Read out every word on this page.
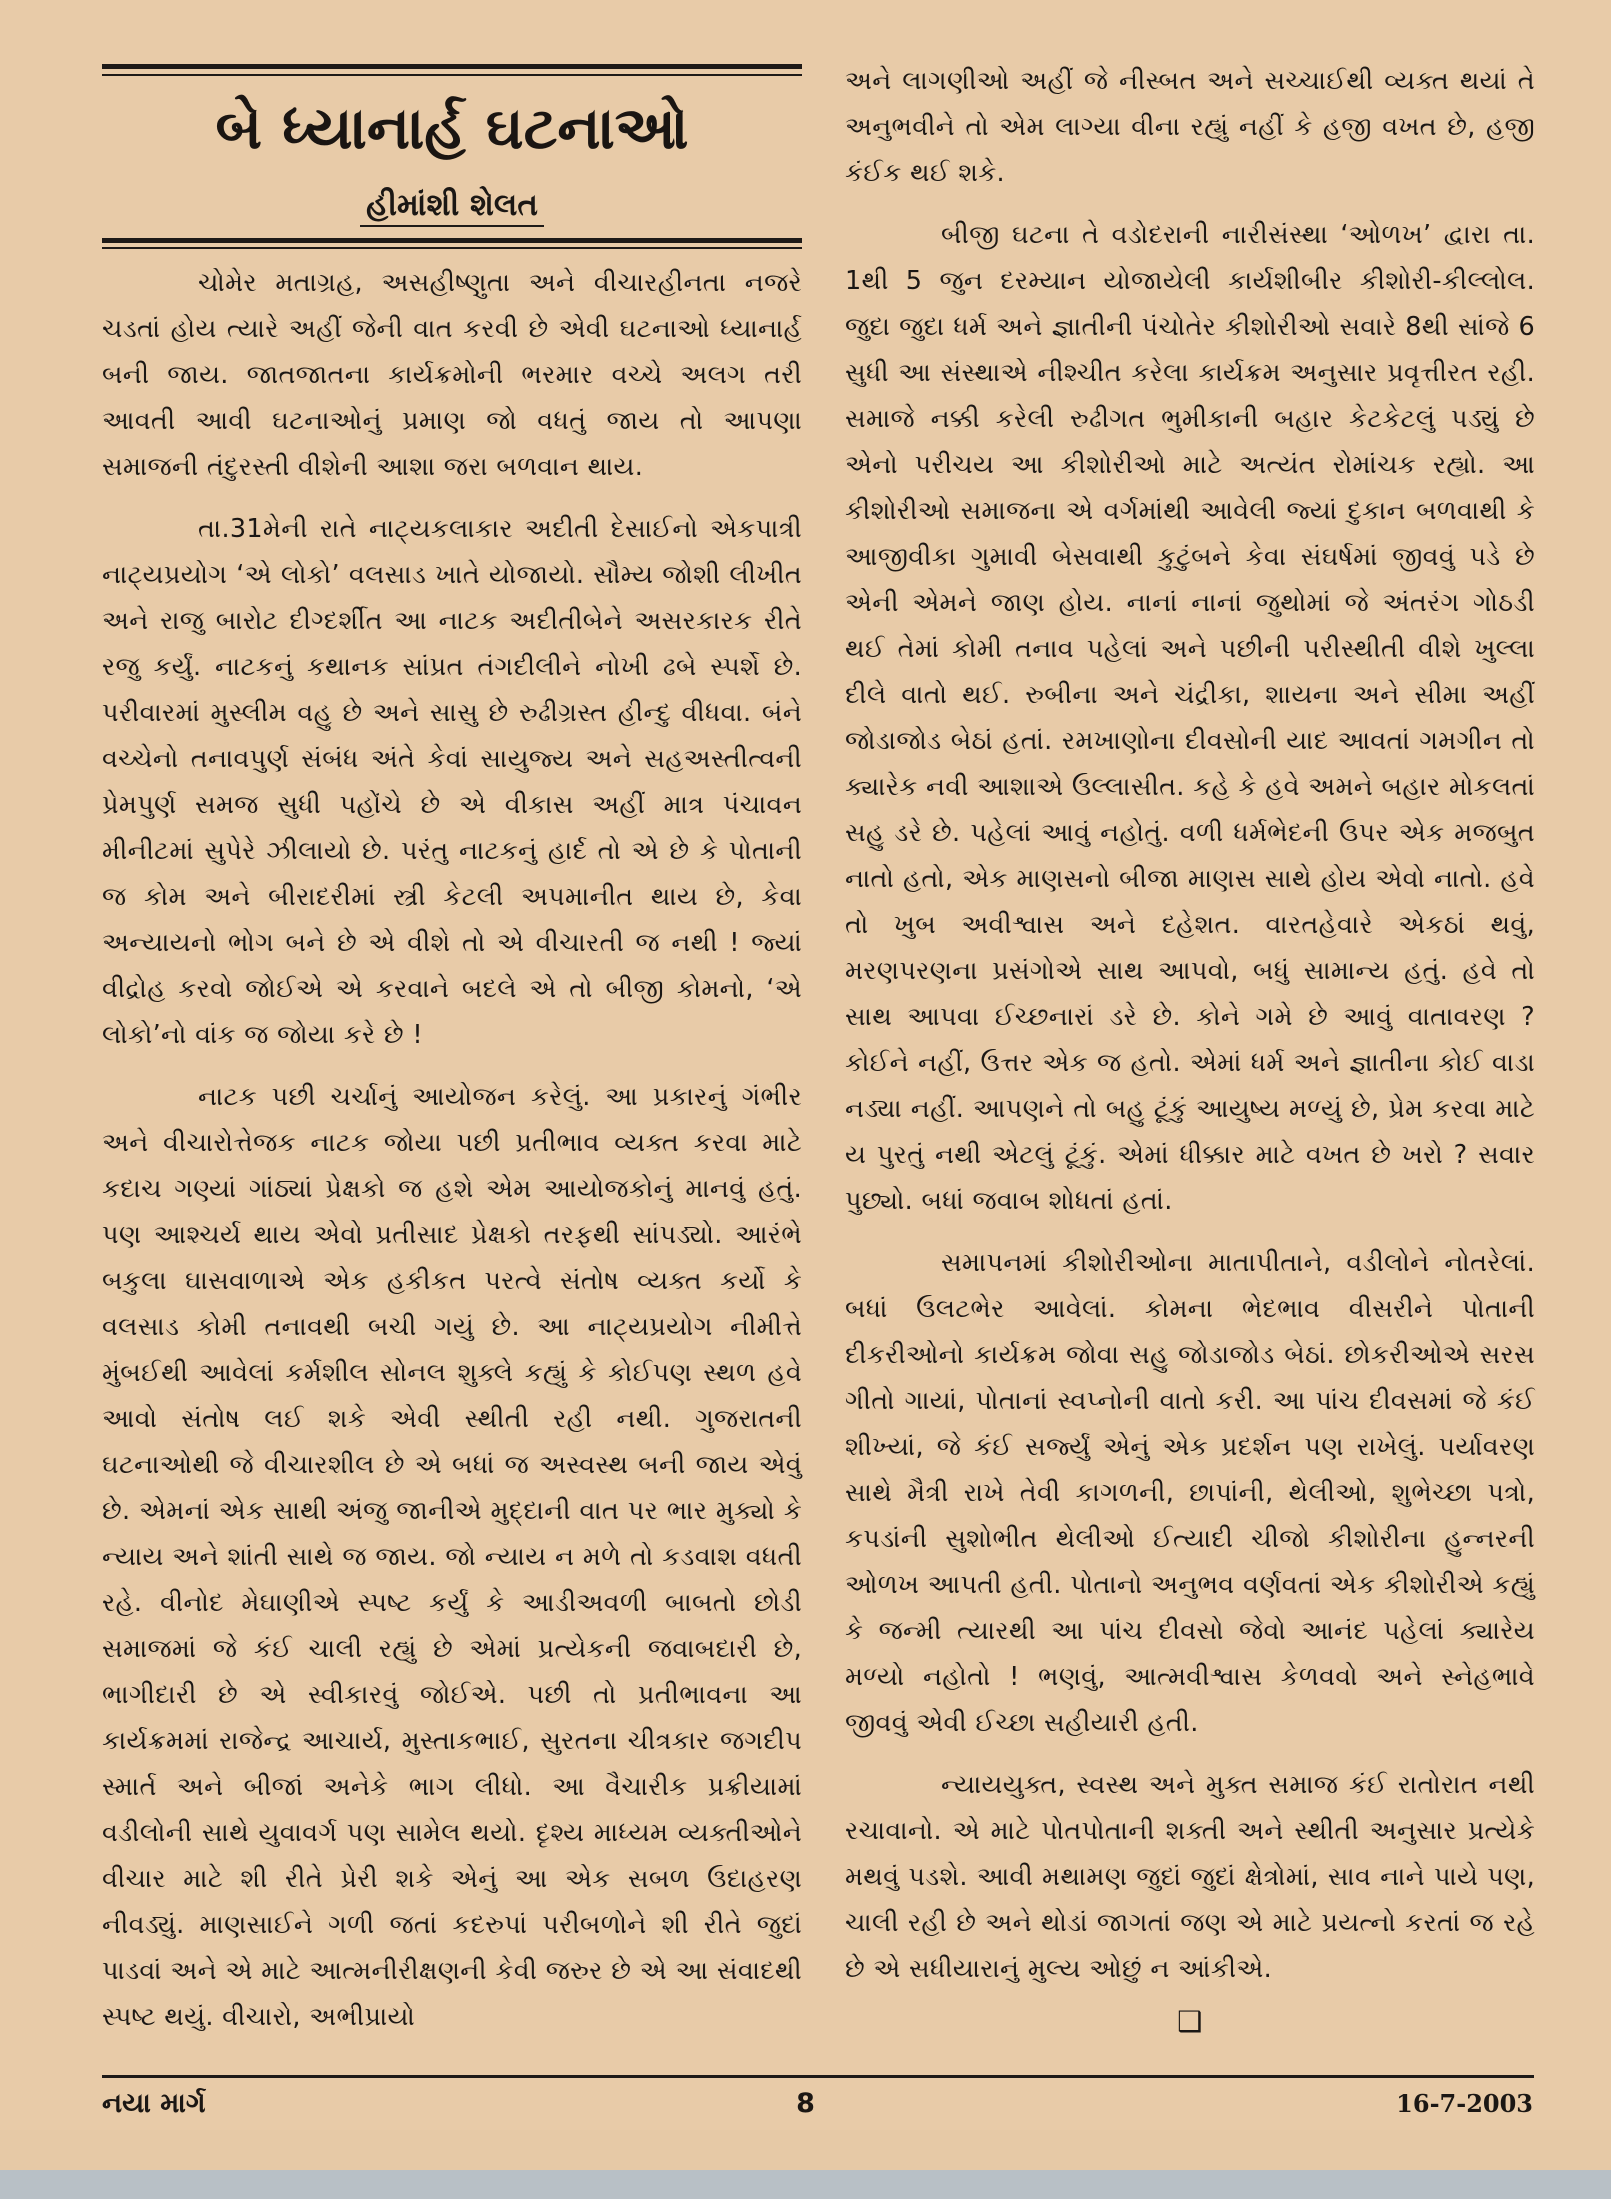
બે ધ્યાનાર્હ ઘટનાઓ
હીમાંશી શેલત

ચોમેર મતાગ્રહ, અસહીષ્ણુતા અને વીચારહીનતા નજરે ચડતાં હોય ત્યારે અહીં જેની વાત કરવી છે એવી ઘટનાઓ ધ્યાનાર્હ બની જાય. જાતજાતના કાર્યક્રમોની ભરમાર વચ્ચે અલગ તરી આવતી આવી ઘટનાઓનું પ્રમાણ જો વધતું જાય તો આપણા સમાજની તંદુરસ્તી વીશેની આશા જરા બળવાન થાય.

તા.31મેની રાતે નાટ્યકલાકાર અદીતી દેસાઈનો એકપાત્રી નાટ્યપ્રયોગ ‘એ લોકો’ વલસાડ ખાતે યોજાયો. સૌમ્ય જોશી લીખીત અને રાજુ બારોટ દીગ્દર્શીત આ નાટક અદીતીબેને અસરકારક રીતે રજુ કર્યું. નાટકનું કથાનક સાંપ્રત તંગદીલીને નોખી ઢબે સ્પર્શે છે. પરીવારમાં મુસ્લીમ વહુ છે અને સાસુ છે રુઢીગ્રસ્ત હીન્દુ વીધવા. બંને વચ્ચેનો તનાવપુર્ણ સંબંધ અંતે કેવાં સાયુજ્ય અને સહઅસ્તીત્વની પ્રેમપુર્ણ સમજ સુધી પહોંચે છે એ વીકાસ અહીં માત્ર પંચાવન મીનીટમાં સુપેરે ઝીલાયો છે. પરંતુ નાટકનું હાર્દ તો એ છે કે પોતાની જ કોમ અને બીરાદરીમાં સ્ત્રી કેટલી અપમાનીત થાય છે, કેવા અન્યાયનો ભોગ બને છે એ વીશે તો એ વીચારતી જ નથી ! જ્યાં વીદ્રોહ કરવો જોઈએ એ કરવાને બદલે એ તો બીજી કોમનો, ‘એ લોકો’નો વાંક જ જોયા કરે છે !

નાટક પછી ચર્ચાનું આયોજન કરેલું. આ પ્રકારનું ગંભીર અને વીચારોત્તેજક નાટક જોયા પછી પ્રતીભાવ વ્યક્ત કરવા માટે કદાચ ગણ્યાં ગાંઠ્યાં પ્રેક્ષકો જ હશે એમ આયોજકોનું માનવું હતું. પણ આશ્ચર્ય થાય એવો પ્રતીસાદ પ્રેક્ષકો તરફથી સાંપડ્યો. આરંભે બકુલા ઘાસવાળાએ એક હકીકત પરત્વે સંતોષ વ્યક્ત કર્યો કે વલસાડ કોમી તનાવથી બચી ગયું છે. આ નાટ્યપ્રયોગ નીમીત્તે મુંબઈથી આવેલાં કર્મશીલ સોનલ શુક્લે કહ્યું કે કોઈપણ સ્થળ હવે આવો સંતોષ લઈ શકે એવી સ્થીતી રહી નથી. ગુજરાતની ઘટનાઓથી જે વીચારશીલ છે એ બધાં જ અસ્વસ્થ બની જાય એવું છે. એમનાં એક સાથી અંજુ જાનીએ મુદ્દાની વાત પર ભાર મુક્યો કે ન્યાય અને શાંતી સાથે જ જાય. જો ન્યાય ન મળે તો કડવાશ વધતી રહે. વીનોદ મેઘાણીએ સ્પષ્ટ કર્યું કે આડીઅવળી બાબતો છોડી સમાજમાં જે કંઈ ચાલી રહ્યું છે એમાં પ્રત્યેકની જવાબદારી છે, ભાગીદારી છે એ સ્વીકારવું જોઈએ. પછી તો પ્રતીભાવના આ કાર્યક્રમમાં રાજેન્દ્ર આચાર્ય, મુસ્તાકભાઈ, સુરતના ચીત્રકાર જગદીપ સ્માર્ત અને બીજાં અનેકે ભાગ લીધો. આ વૈચારીક પ્રક્રીયામાં વડીલોની સાથે યુવાવર્ગ પણ સામેલ થયો. દૃશ્ય માધ્યમ વ્યક્તીઓને વીચાર માટે શી રીતે પ્રેરી શકે એનું આ એક સબળ ઉદાહરણ નીવડ્યું. માણસાઈને ગળી જતાં કદરુપાં પરીબળોને શી રીતે જુદાં પાડવાં અને એ માટે આત્મનીરીક્ષણની કેવી જરુર છે એ આ સંવાદથી સ્પષ્ટ થયું. વીચારો, અભીપ્રાયો

અને લાગણીઓ અહીં જે નીસ્બત અને સચ્ચાઈથી વ્યક્ત થયાં તે અનુભવીને તો એમ લાગ્યા વીના રહ્યું નહીં કે હજી વખત છે, હજી કંઈક થઈ શકે.

બીજી ઘટના તે વડોદરાની નારીસંસ્થા ‘ઓળખ’ દ્વારા તા. 1થી 5 જુન દરમ્યાન યોજાયેલી કાર્યશીબીર કીશોરી-કીલ્લોલ. જુદા જુદા ધર્મ અને જ્ઞાતીની પંચોતેર કીશોરીઓ સવારે 8થી સાંજે 6 સુધી આ સંસ્થાએ નીશ્ચીત કરેલા કાર્યક્રમ અનુસાર પ્રવૃત્તીરત રહી. સમાજે નક્કી કરેલી રુઢીગત ભુમીકાની બહાર કેટકેટલું પડ્યું છે એનો પરીચય આ કીશોરીઓ માટે અત્યંત રોમાંચક રહ્યો. આ કીશોરીઓ સમાજના એ વર્ગમાંથી આવેલી જ્યાં દુકાન બળવાથી કે આજીવીકા ગુમાવી બેસવાથી કુટુંબને કેવા સંઘર્ષમાં જીવવું પડે છે એની એમને જાણ હોય. નાનાં નાનાં જુથોમાં જે અંતરંગ ગોઠડી થઈ તેમાં કોમી તનાવ પહેલાં અને પછીની પરીસ્થીતી વીશે ખુલ્લા દીલે વાતો થઈ. રુબીના અને ચંદ્રીકા, શાયના અને સીમા અહીં જોડાજોડ બેઠાં હતાં. રમખાણોના દીવસોની યાદ આવતાં ગમગીન તો ક્યારેક નવી આશાએ ઉલ્લાસીત. કહે કે હવે અમને બહાર મોકલતાં સહુ ડરે છે. પહેલાં આવું નહોતું. વળી ધર્મભેદની ઉપર એક મજબુત નાતો હતો, એક માણસનો બીજા માણસ સાથે હોય એવો નાતો. હવે તો ખુબ અવીશ્વાસ અને દહેશત. વારતહેવારે એકઠાં થવું, મરણપરણના પ્રસંગોએ સાથ આપવો, બધું સામાન્ય હતું. હવે તો સાથ આપવા ઈચ્છનારાં ડરે છે. કોને ગમે છે આવું વાતાવરણ ? કોઈને નહીં, ઉત્તર એક જ હતો. એમાં ધર્મ અને જ્ઞાતીના કોઈ વાડા નડ્યા નહીં. આપણને તો બહુ ટૂંકું આયુષ્ય મળ્યું છે, પ્રેમ કરવા માટે ય પુરતું નથી એટલું ટૂંકું. એમાં ધીક્કાર માટે વખત છે ખરો ? સવાર પુછ્યો. બધાં જવાબ શોધતાં હતાં.

સમાપનમાં કીશોરીઓના માતાપીતાને, વડીલોને નોતરેલાં. બધાં ઉલટભેર આવેલાં. કોમના ભેદભાવ વીસરીને પોતાની દીકરીઓનો કાર્યક્રમ જોવા સહુ જોડાજોડ બેઠાં. છોકરીઓએ સરસ ગીતો ગાયાં, પોતાનાં સ્વપ્નોની વાતો કરી. આ પાંચ દીવસમાં જે કંઈ શીખ્યાં, જે કંઈ સર્જ્યું એનું એક પ્રદર્શન પણ રાખેલું. પર્યાવરણ સાથે મૈત્રી રાખે તેવી કાગળની, છાપાંની, થેલીઓ, શુભેચ્છા પત્રો, કપડાંની સુશોભીત થેલીઓ ઈત્યાદી ચીજો કીશોરીના હુન્નરની ઓળખ આપતી હતી. પોતાનો અનુભવ વર્ણવતાં એક કીશોરીએ કહ્યું કે જન્મી ત્યારથી આ પાંચ દીવસો જેવો આનંદ પહેલાં ક્યારેય મળ્યો નહોતો ! ભણવું, આત્મવીશ્વાસ કેળવવો અને સ્નેહભાવે જીવવું એવી ઈચ્છા સહીયારી હતી.

ન્યાયયુક્ત, સ્વસ્થ અને મુક્ત સમાજ કંઈ રાતોરાત નથી રચાવાનો. એ માટે પોતપોતાની શક્તી અને સ્થીતી અનુસાર પ્રત્યેકે મથવું પડશે. આવી મથામણ જુદાં જુદાં ક્ષેત્રોમાં, સાવ નાને પાયે પણ, ચાલી રહી છે અને થોડાં જાગતાં જણ એ માટે પ્રયત્નો કરતાં જ રહે છે એ સધીયારાનું મુલ્ય ઓછું ન આંકીએ.

❑
નયા માર્ગ	8	16-7-2003
